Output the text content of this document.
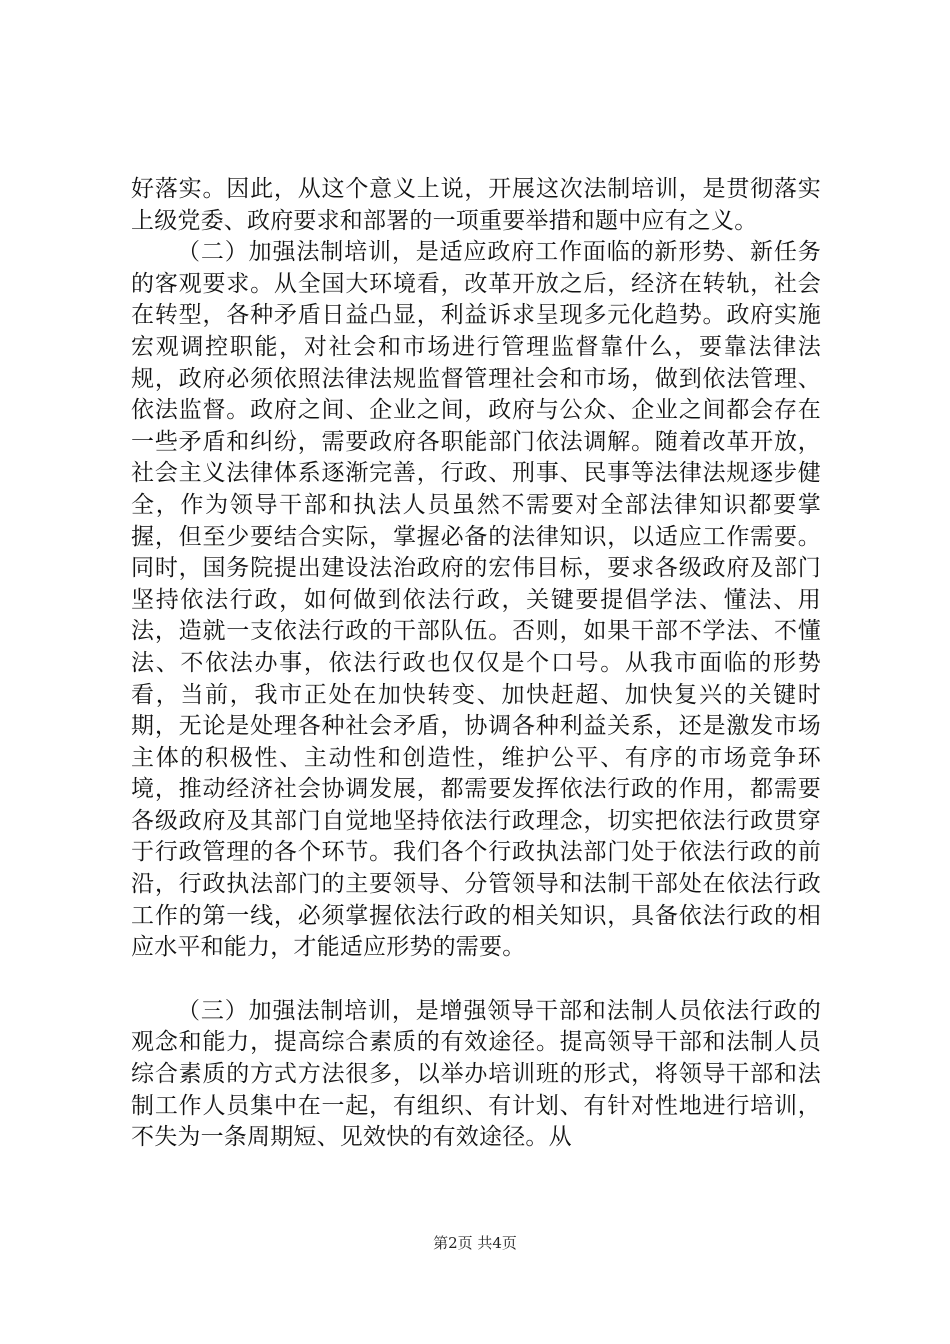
好落实。因此，从这个意义上说，开展这次法制培训，是贯彻落实上级党委、政府要求和部署的一项重要举措和题中应有之义。

（二）加强法制培训，是适应政府工作面临的新形势、新任务的客观要求。从全国大环境看，改革开放之后，经济在转轨，社会在转型，各种矛盾日益凸显，利益诉求呈现多元化趋势。政府实施宏观调控职能，对社会和市场进行管理监督靠什么，要靠法律法规，政府必须依照法律法规监督管理社会和市场，做到依法管理、依法监督。政府之间、企业之间，政府与公众、企业之间都会存在一些矛盾和纠纷，需要政府各职能部门依法调解。随着改革开放，社会主义法律体系逐渐完善，行政、刑事、民事等法律法规逐步健全，作为领导干部和执法人员虽然不需要对全部法律知识都要掌握，但至少要结合实际，掌握必备的法律知识，以适应工作需要。同时，国务院提出建设法治政府的宏伟目标，要求各级政府及部门坚持依法行政，如何做到依法行政，关键要提倡学法、懂法、用法，造就一支依法行政的干部队伍。否则，如果干部不学法、不懂法、不依法办事，依法行政也仅仅是个口号。从我市面临的形势看，当前，我市正处在加快转变、加快赶超、加快复兴的关键时期，无论是处理各种社会矛盾，协调各种利益关系，还是激发市场主体的积极性、主动性和创造性，维护公平、有序的市场竞争环境，推动经济社会协调发展，都需要发挥依法行政的作用，都需要各级政府及其部门自觉地坚持依法行政理念，切实把依法行政贯穿于行政管理的各个环节。我们各个行政执法部门处于依法行政的前沿，行政执法部门的主要领导、分管领导和法制干部处在依法行政工作的第一线，必须掌握依法行政的相关知识，具备依法行政的相应水平和能力，才能适应形势的需要。

（三）加强法制培训，是增强领导干部和法制人员依法行政的观念和能力，提高综合素质的有效途径。提高领导干部和法制人员综合素质的方式方法很多，以举办培训班的形式，将领导干部和法制工作人员集中在一起，有组织、有计划、有针对性地进行培训，不失为一条周期短、见效快的有效途径。从

第2页 共4页
